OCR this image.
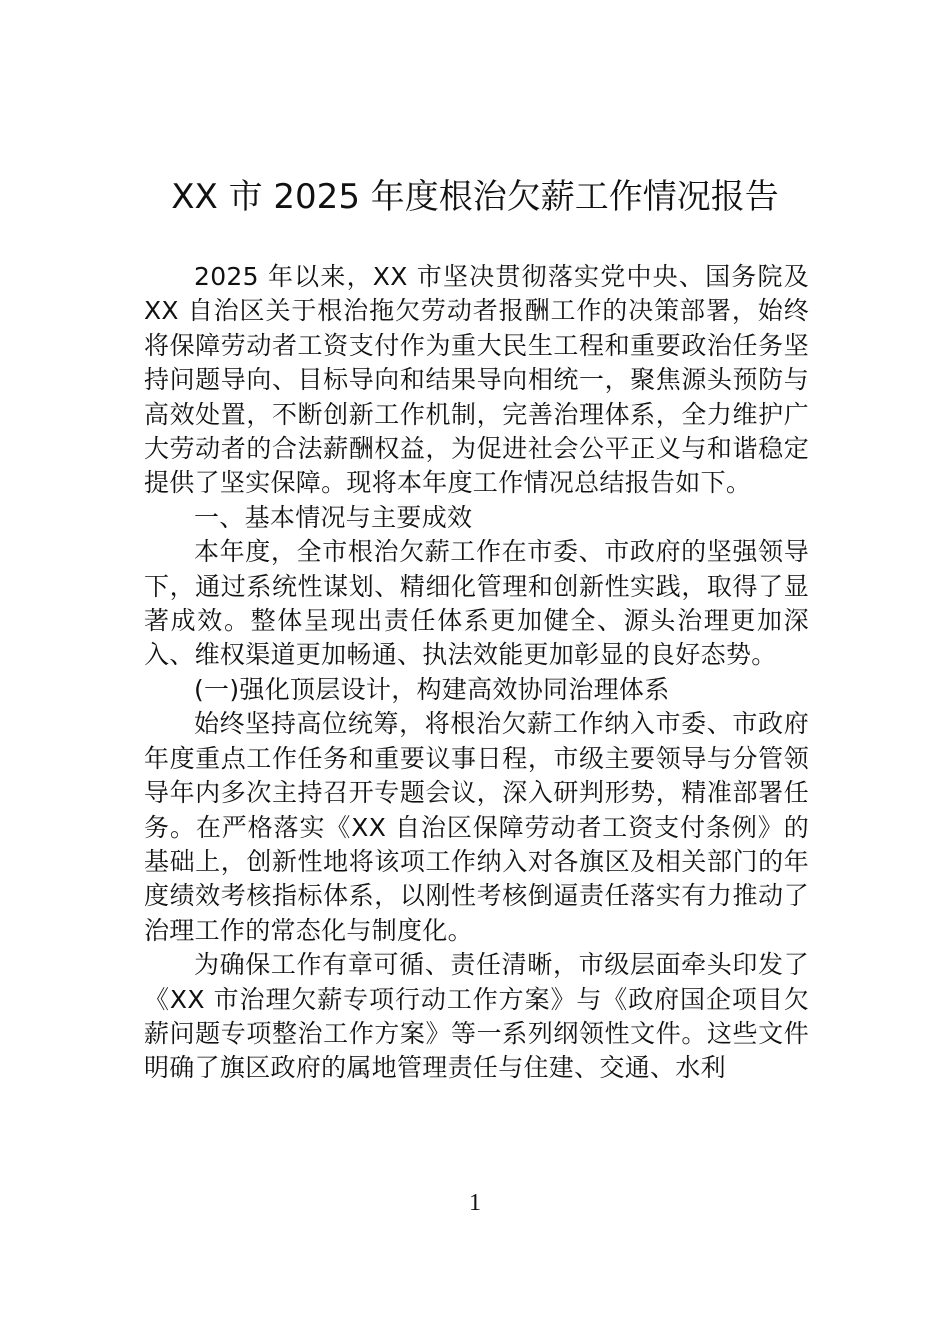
XX 市 2025 年度根治欠薪工作情况报告

2025 年以来，XX 市坚决贯彻落实党中央、国务院及XX 自治区关于根治拖欠劳动者报酬工作的决策部署，始终将保障劳动者工资支付作为重大民生工程和重要政治任务坚持问题导向、目标导向和结果导向相统一，聚焦源头预防与高效处置，不断创新工作机制，完善治理体系，全力维护广大劳动者的合法薪酬权益，为促进社会公平正义与和谐稳定提供了坚实保障。现将本年度工作情况总结报告如下。

一、基本情况与主要成效

本年度，全市根治欠薪工作在市委、市政府的坚强领导下，通过系统性谋划、精细化管理和创新性实践，取得了显著成效。整体呈现出责任体系更加健全、源头治理更加深入、维权渠道更加畅通、执法效能更加彰显的良好态势。

(一)强化顶层设计，构建高效协同治理体系

始终坚持高位统筹，将根治欠薪工作纳入市委、市政府年度重点工作任务和重要议事日程，市级主要领导与分管领导年内多次主持召开专题会议，深入研判形势，精准部署任务。在严格落实《XX 自治区保障劳动者工资支付条例》的基础上，创新性地将该项工作纳入对各旗区及相关部门的年度绩效考核指标体系，以刚性考核倒逼责任落实有力推动了治理工作的常态化与制度化。

为确保工作有章可循、责任清晰，市级层面牵头印发了《XX 市治理欠薪专项行动工作方案》与《政府国企项目欠薪问题专项整治工作方案》等一系列纲领性文件。这些文件明确了旗区政府的属地管理责任与住建、交通、水利

1
